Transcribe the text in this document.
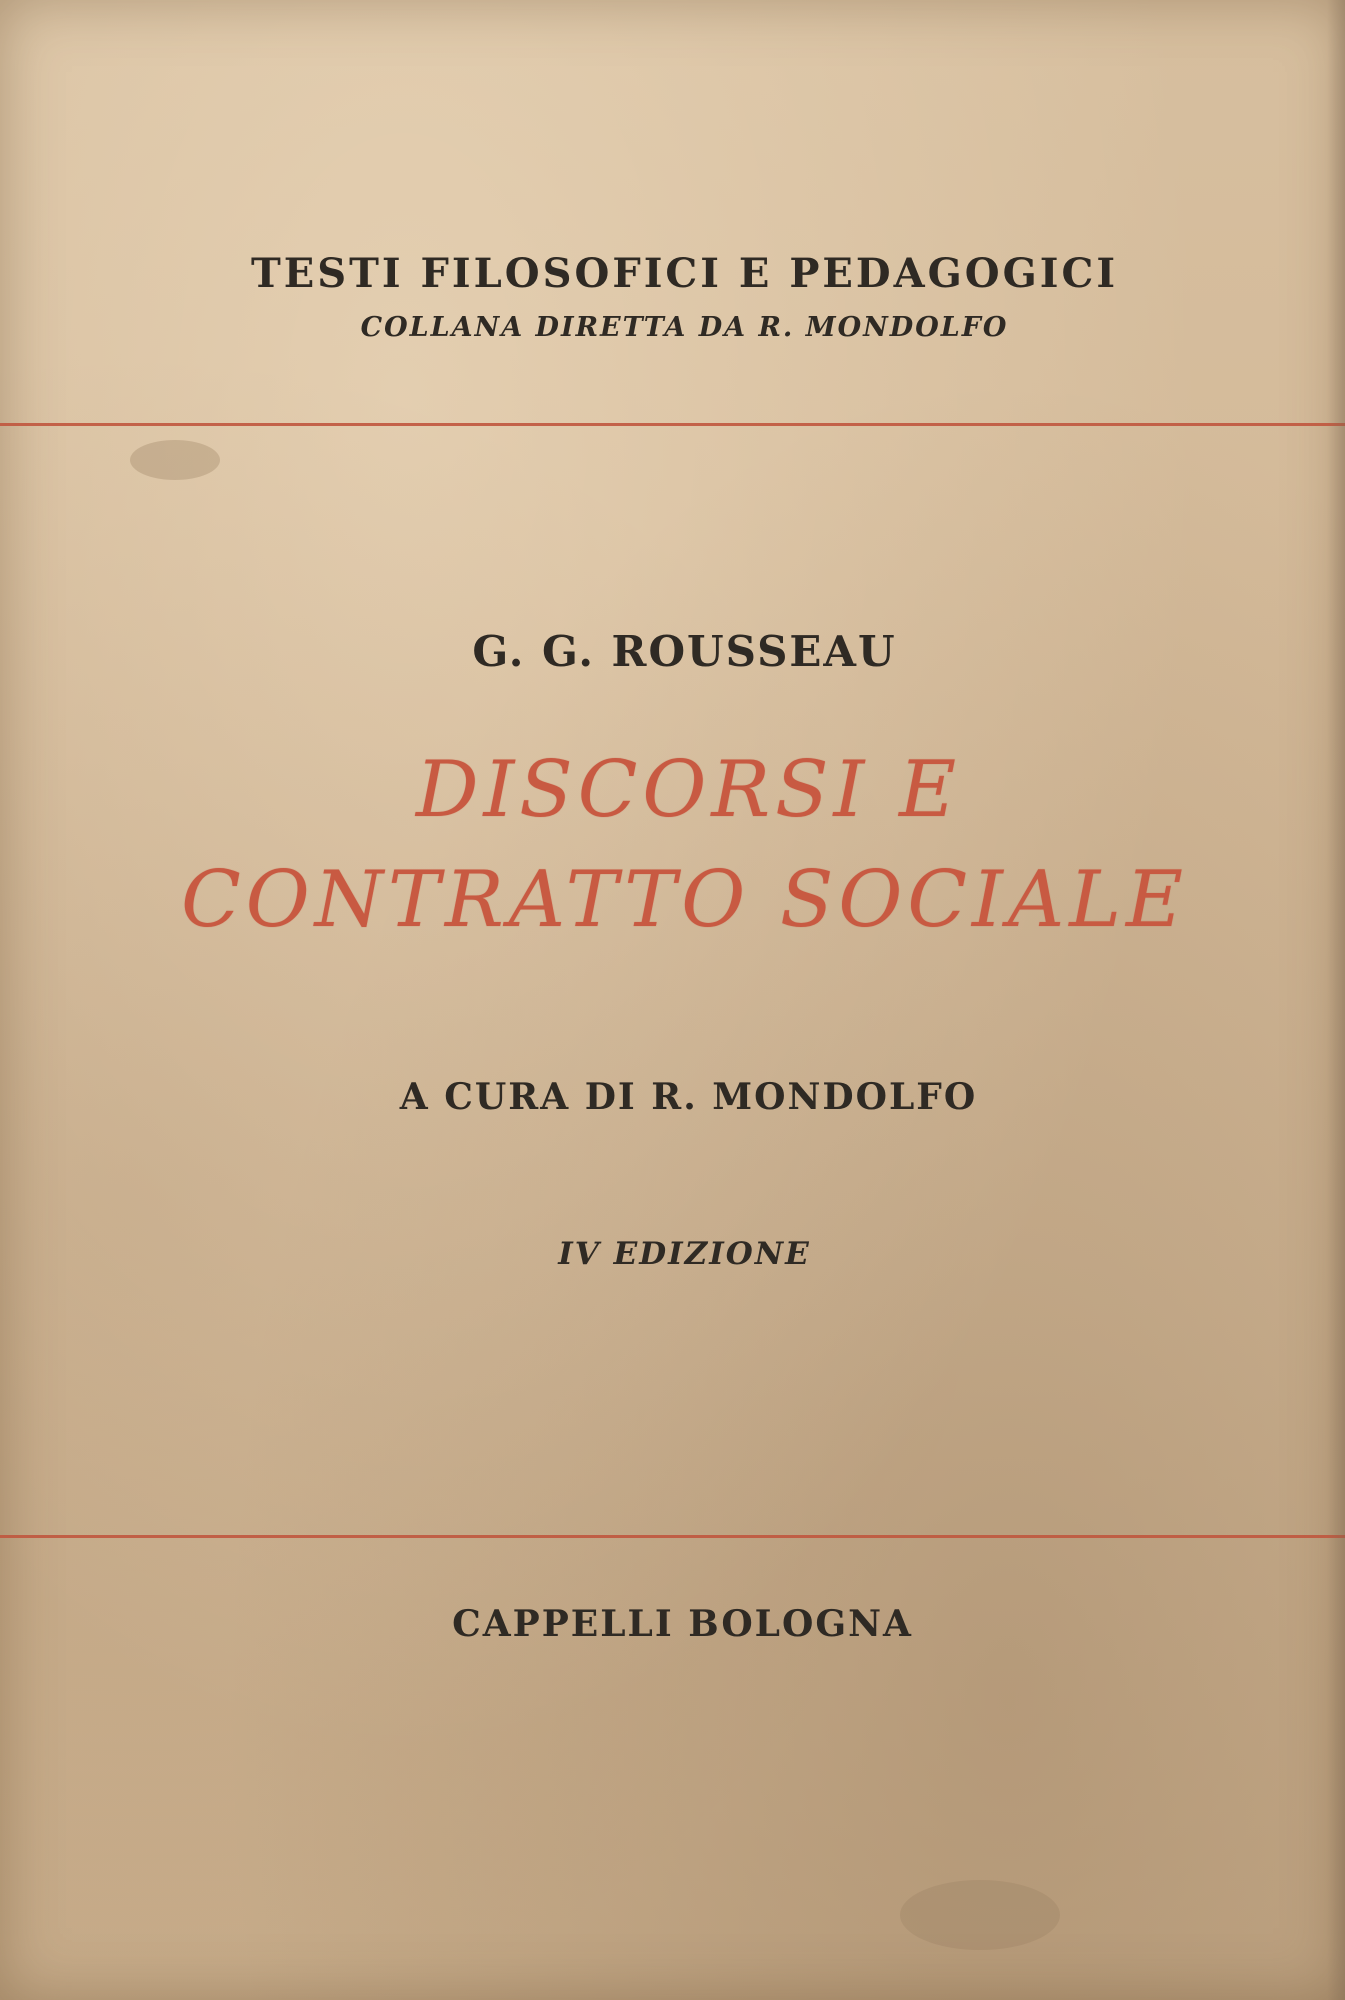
TESTI FILOSOFICI E PEDAGOGICI
COLLANA DIRETTA DA R. MONDOLFO
G. G. ROUSSEAU
DISCORSI E
CONTRATTO SOCIALE
A CURA DI R. MONDOLFO
IV EDIZIONE
CAPPELLI BOLOGNA
